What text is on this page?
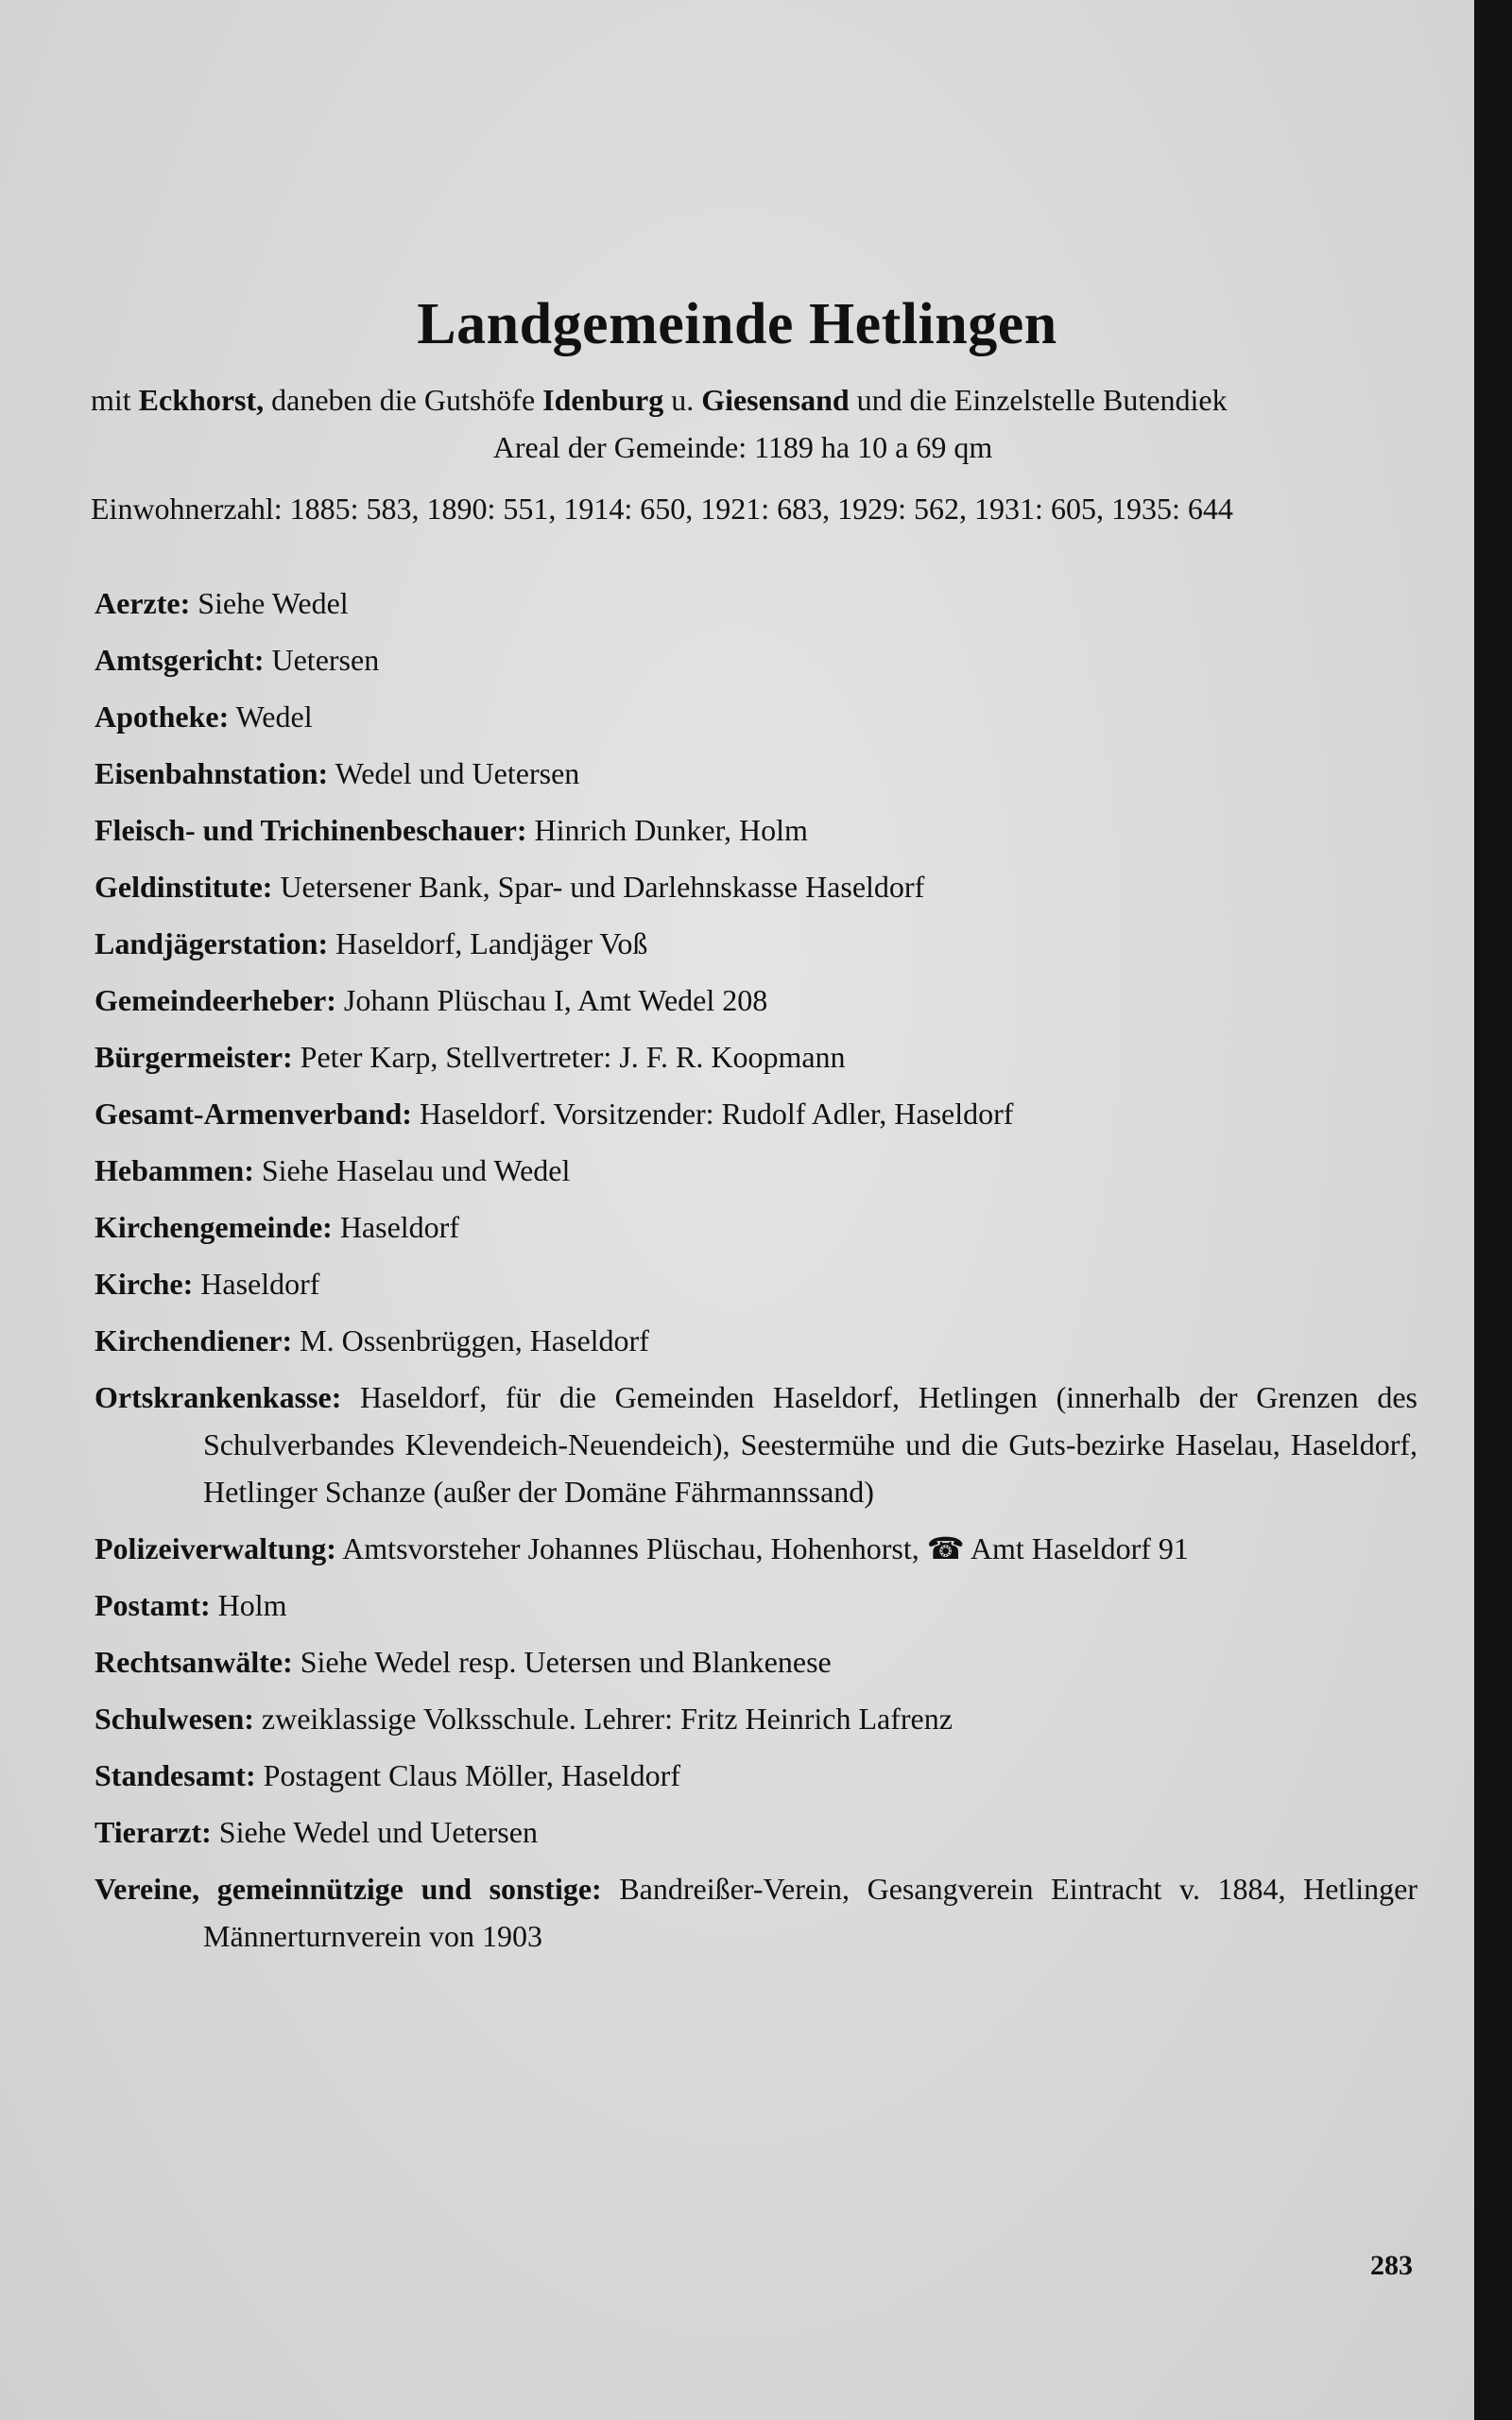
Landgemeinde Hetlingen
mit Eckhorst, daneben die Gutshöfe Idenburg u. Giesensand und die Einzelstelle Butendiek
Areal der Gemeinde: 1189 ha 10 a 69 qm
Einwohnerzahl: 1885: 583, 1890: 551, 1914: 650, 1921: 683, 1929: 562, 1931: 605, 1935: 644
Aerzte: Siehe Wedel
Amtsgericht: Uetersen
Apotheke: Wedel
Eisenbahnstation: Wedel und Uetersen
Fleisch- und Trichinenbeschauer: Hinrich Dunker, Holm
Geldinstitute: Uetersener Bank, Spar- und Darlehnskasse Haseldorf
Landjägerstation: Haseldorf, Landjäger Voß
Gemeindeerheber: Johann Plüschau I, Amt Wedel 208
Bürgermeister: Peter Karp, Stellvertreter: J. F. R. Koopmann
Gesamt-Armenverband: Haseldorf. Vorsitzender: Rudolf Adler, Haseldorf
Hebammen: Siehe Haselau und Wedel
Kirchengemeinde: Haseldorf
Kirche: Haseldorf
Kirchendiener: M. Ossenbrüggen, Haseldorf
Ortskrankenkasse: Haseldorf, für die Gemeinden Haseldorf, Hetlingen (innerhalb der Grenzen des Schulverbandes Klevendeich-Neuendeich), Seestermühe und die Guts-bezirke Haselau, Haseldorf, Hetlinger Schanze (außer der Domäne Fährmannssand)
Polizeiverwaltung: Amtsvorsteher Johannes Plüschau, Hohenhorst, ☎ Amt Haseldorf 91
Postamt: Holm
Rechtsanwälte: Siehe Wedel resp. Uetersen und Blankenese
Schulwesen: zweiklassige Volksschule. Lehrer: Fritz Heinrich Lafrenz
Standesamt: Postagent Claus Möller, Haseldorf
Tierarzt: Siehe Wedel und Uetersen
Vereine, gemeinnützige und sonstige: Bandreißer-Verein, Gesangverein Eintracht v. 1884, Hetlinger Männerturnverein von 1903
283
